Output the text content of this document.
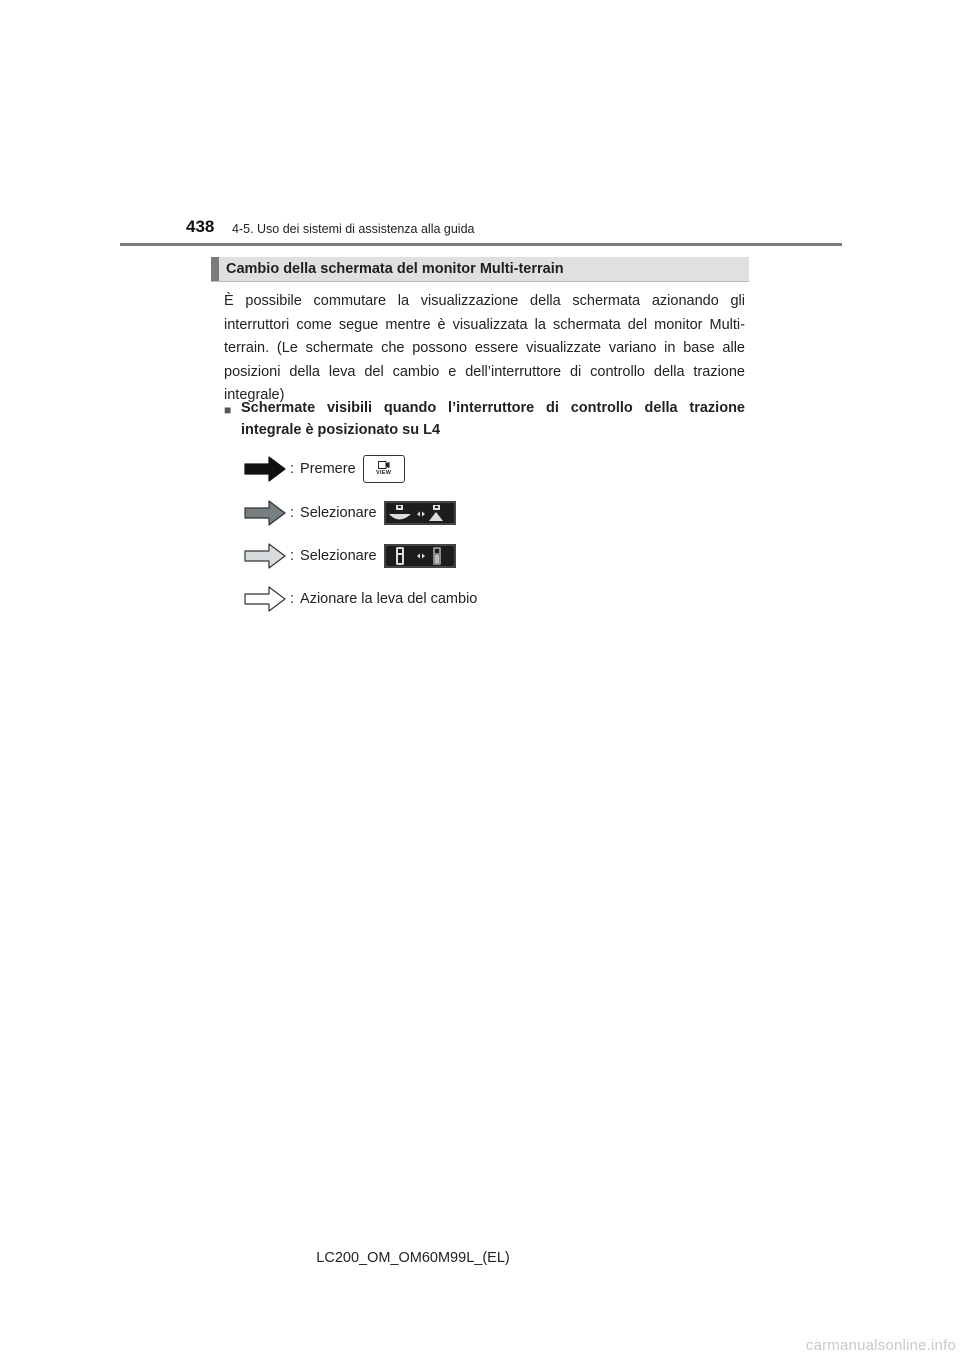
438 4-5. Uso dei sistemi di assistenza alla guida
Cambio della schermata del monitor Multi-terrain

È possibile commutare la visualizzazione della schermata azionando gli interruttori come segue mentre è visualizzata la schermata del monitor Multi-terrain. (Le schermate che possono essere visualizzate variano in base alle posizioni della leva del cambio e dell’interruttore di controllo della trazione integrale)

■ Schermate visibili quando l’interruttore di controllo della trazione integrale è posizionato su L4
: Premere	VIEW
: Selezionare
: Selezionare
: Azionare la leva del cambio
LC200_OM_OM60M99L_(EL)
carmanualsonline.info
